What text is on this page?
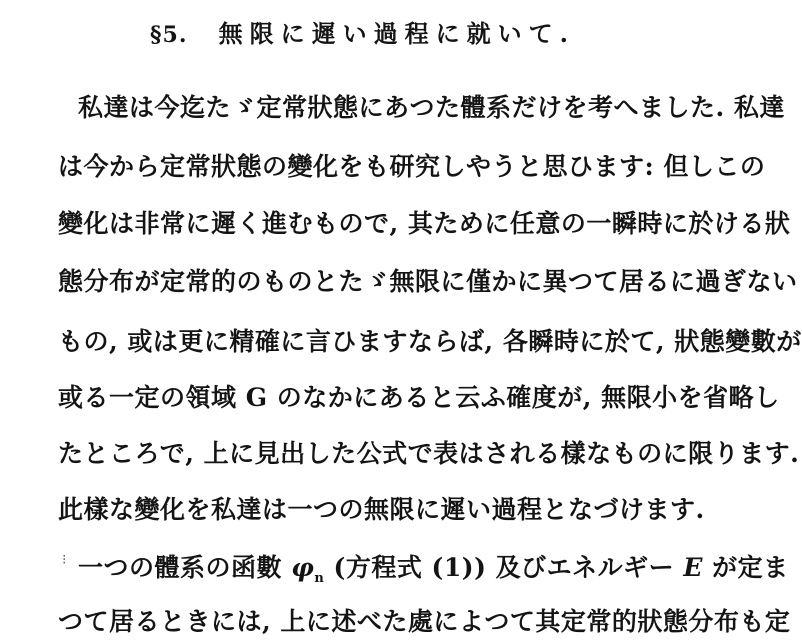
§5. 無限に遲い過程に就いて.
私達は今迄たゞ定常狀態にあつた體系だけを考へました. 私達
は今から定常狀態の變化をも研究しやうと思ひます: 但しこの
變化は非常に遲く進むもので, 其ために任意の一瞬時に於ける狀
態分布が定常的のものとたゞ無限に僅かに異つて居るに過ぎない
もの, 或は更に精確に言ひますならば, 各瞬時に於て, 狀態變數が
或る一定の領域 G のなかにあると云ふ確度が, 無限小を省略し
たところで, 上に見出した公式で表はされる樣なものに限ります.
此樣な變化を私達は一つの無限に遲い過程となづけます.
⁝ 一つの體系の函數 $\varphi_n$ (方程式 (1)) 及びエネルギー E が定ま
つて居るときには, 上に述べた處によつて其定常的狀態分布も定
